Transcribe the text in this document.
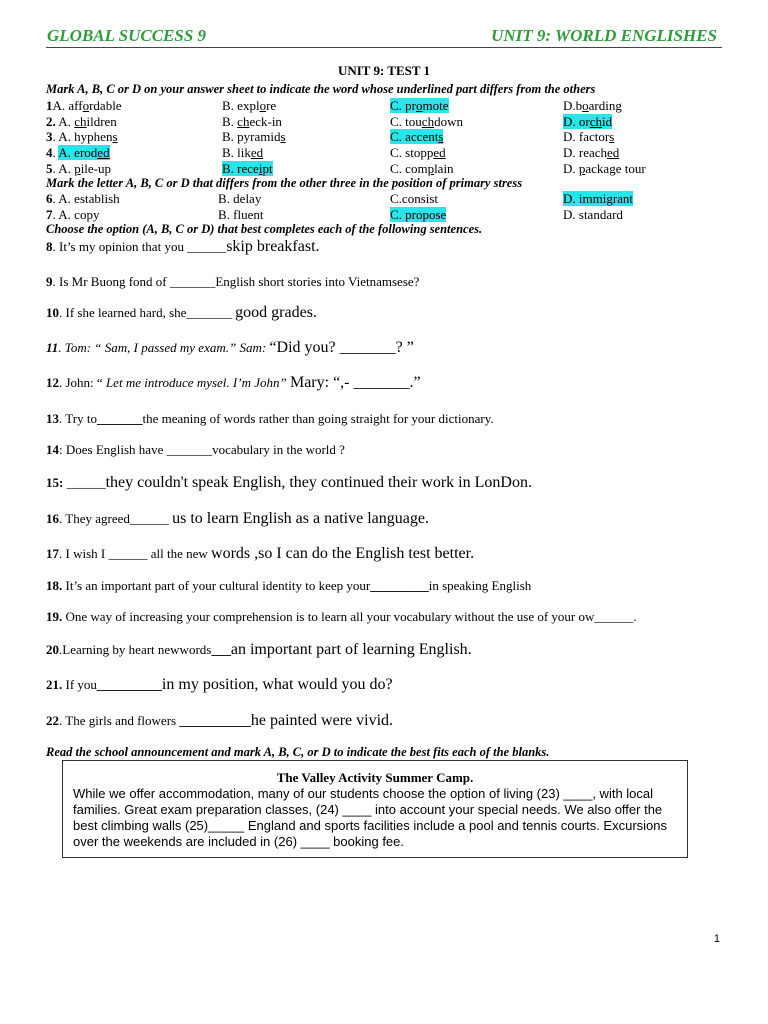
GLOBAL SUCCESS 9	UNIT 9: WORLD ENGLISHES
UNIT 9: TEST 1
Mark A, B, C or D on your answer sheet to indicate the word whose underlined part differs from the others
1A. affordable	B. explore	C. promote	D.boarding
2. A. children	B. check-in	C. touchdown	D. orchid
3. A. hyphens	B. pyramids	C. accents	D. factors
4. A. eroded	B. liked	C. stopped	D. reached
5. A. pile-up	B. receipt	C. complain	D. package tour
Mark the letter A, B, C or D that differs from the other three in the position of primary stress
6. A. establish	B. delay	C.consist	D. immigrant
7. A. copy	B. fluent	C. propose	D. standard
Choose the option (A, B, C or D) that best completes each of the following sentences.
8. It’s my opinion that you ______skip breakfast.
9. Is Mr Buong fond of _______English short stories into Vietnamsese?
10. If she learned hard, she_______ good grades.
11. Tom: “ Sam, I passed my exam.” Sam: “Did you? _______? ”
12. John: “ Let me introduce mysel. I’m John” Mary: “,- _______.”
13. Try to_______the meaning of words rather than going straight for your dictionary.
14: Does English have _______vocabulary in the world ?
15: ______they couldn't speak English, they continued their work in LonDon.
16. They agreed______ us to learn English as a native language.
17. I wish I ______ all the new words ,so I can do the English test better.
18. It’s an important part of your cultural identity to keep your_________in speaking English
19. One way of increasing your comprehension is to learn all your vocabulary without the use of your ow______.
20.Learning by heart newwords___an important part of learning English.
21. If you__________in my position, what would you do?
22. The girls and flowers ___________he painted were vivid.
Read the school announcement and mark A, B, C, or D to indicate the best fits each of the blanks.
The Valley Activity Summer Camp.
While we offer accommodation, many of our students choose the option of living (23) ____, with local families. Great exam preparation classes, (24) ____ into account your special needs. We also offer the best climbing walls (25)_____ England and sports facilities include a pool and tennis courts. Excursions over the weekends are included in (26) ____ booking fee.
1
